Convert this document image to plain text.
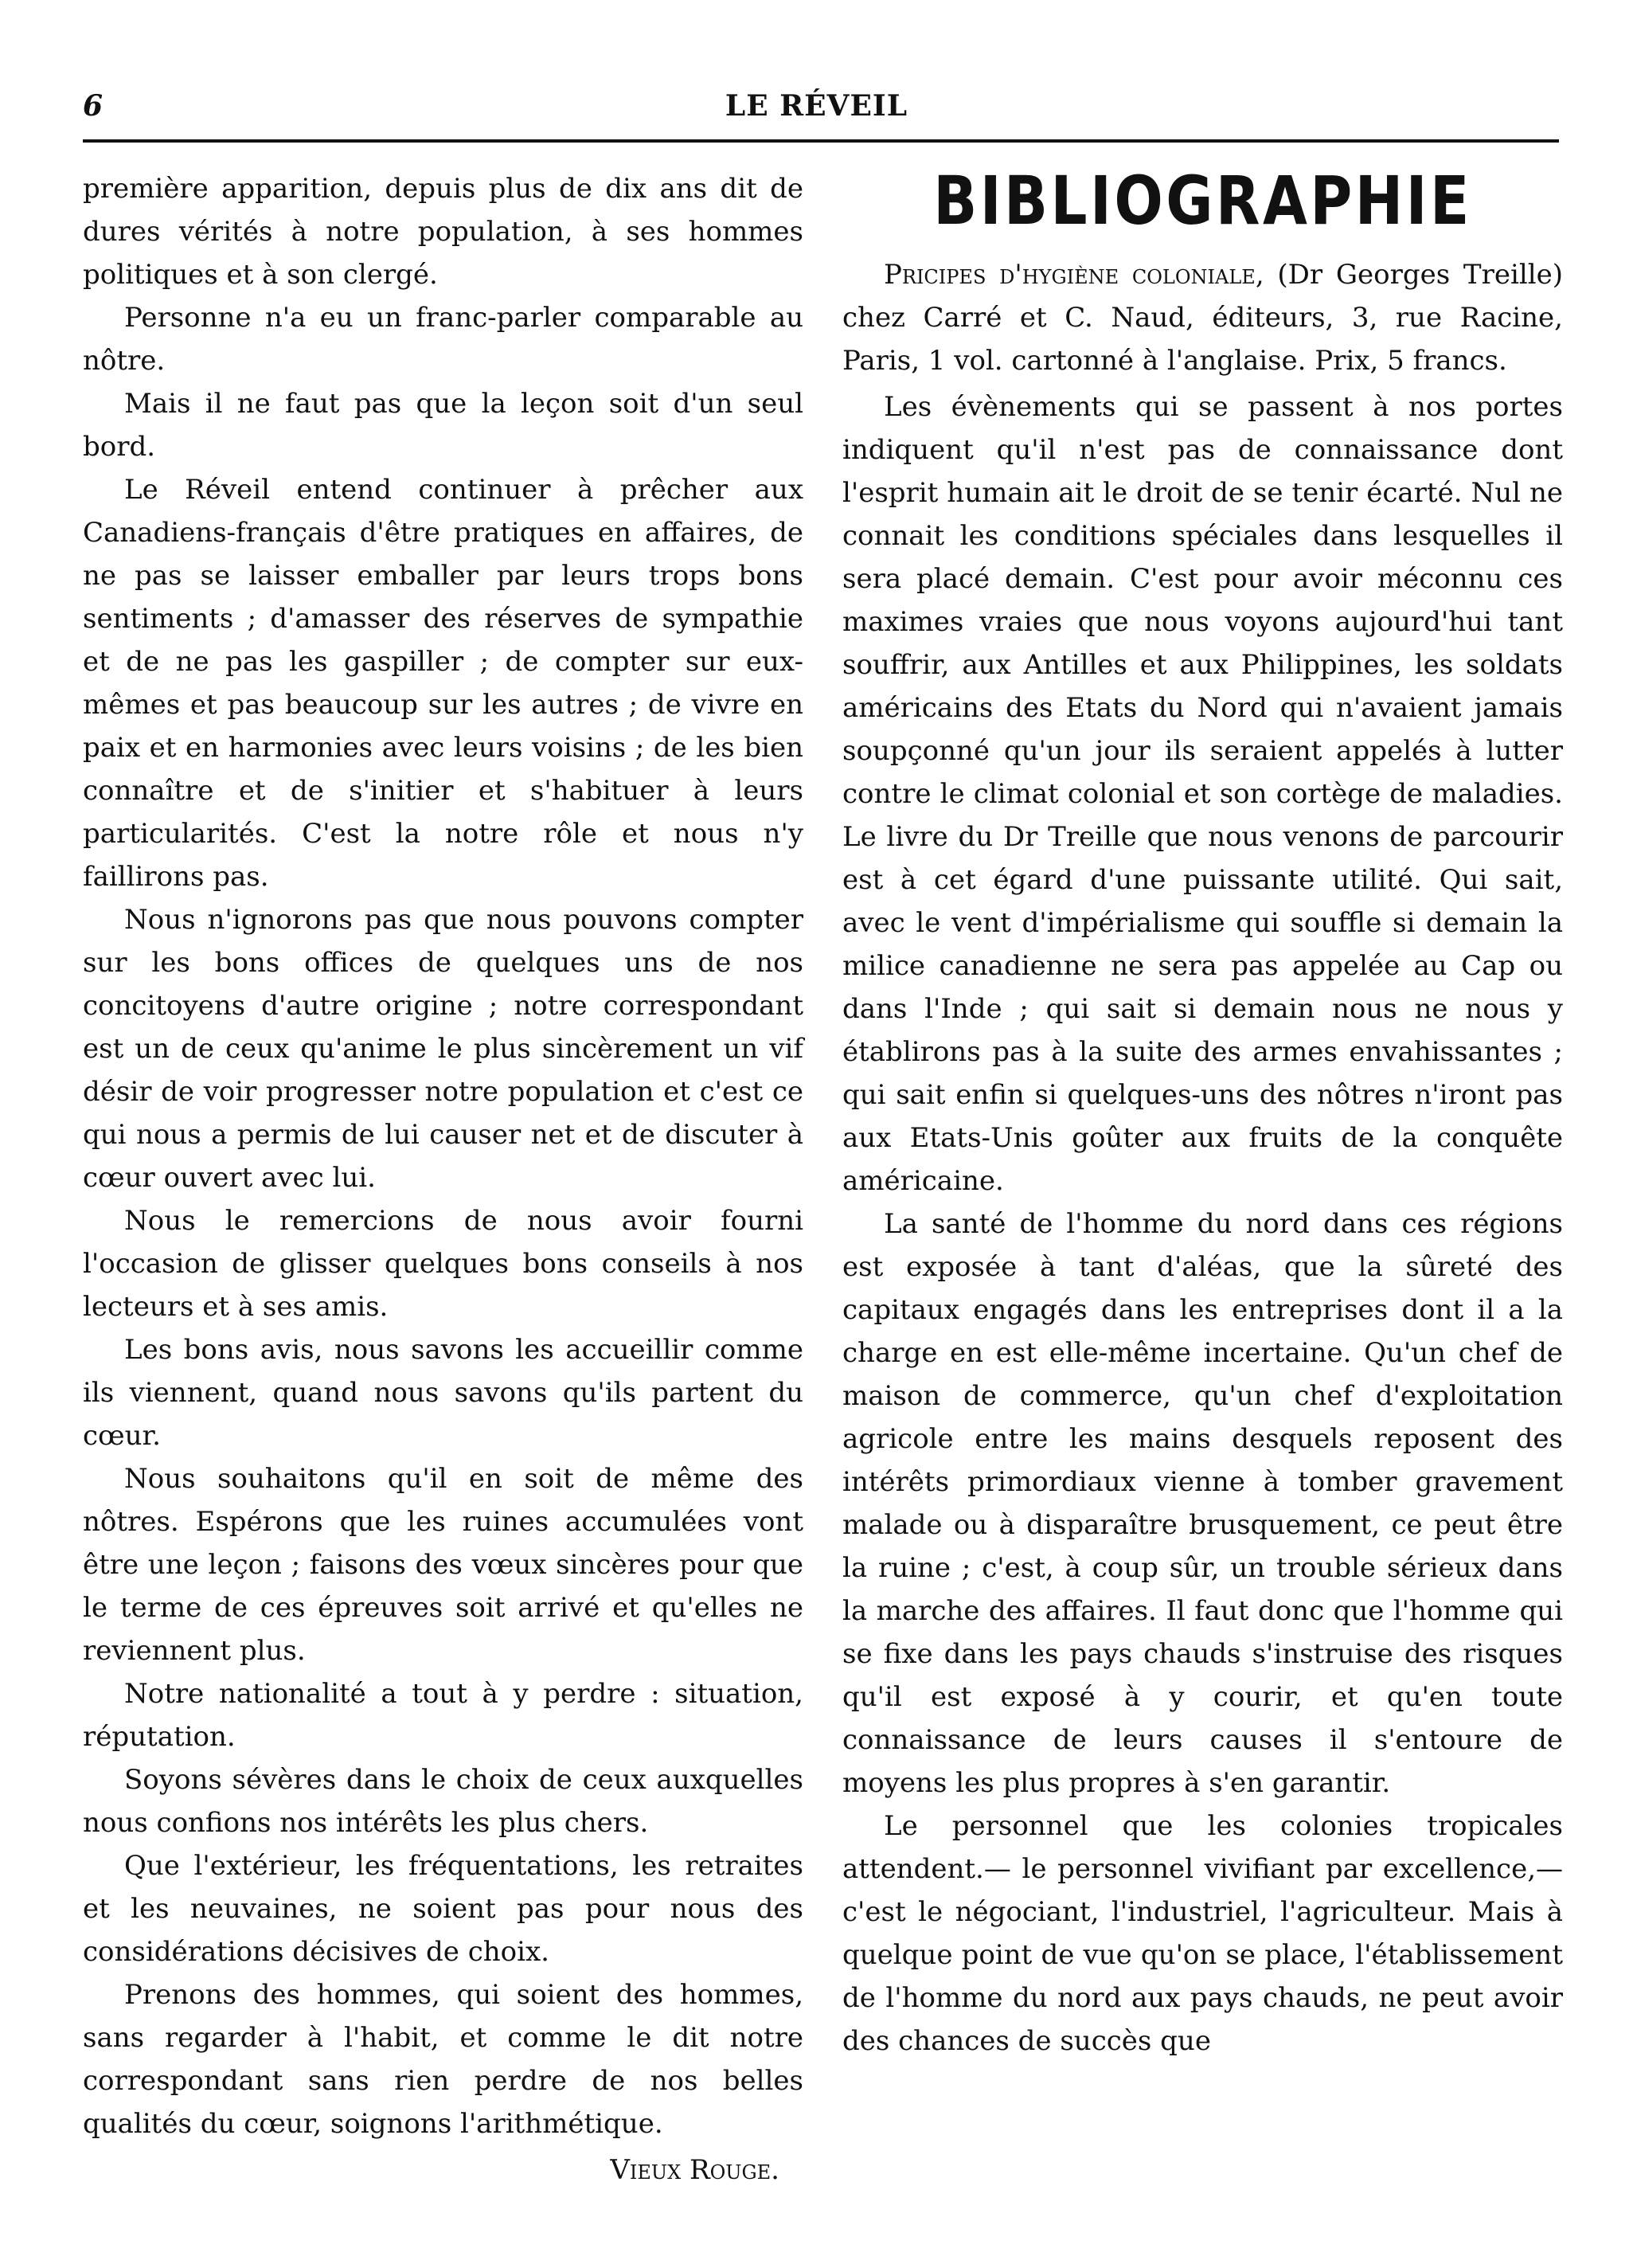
6	LE RÉVEIL

première apparition, depuis plus de dix ans dit de dures vérités à notre population, à ses hommes politiques et à son clergé.

Personne n'a eu un franc-parler comparable au nôtre.

Mais il ne faut pas que la leçon soit d'un seul bord.

Le Réveil entend continuer à prêcher aux Canadiens-français d'être pratiques en affaires, de ne pas se laisser emballer par leurs trops bons sentiments ; d'amasser des réserves de sympathie et de ne pas les gaspiller ; de compter sur eux-mêmes et pas beaucoup sur les autres ; de vivre en paix et en harmonies avec leurs voisins ; de les bien connaître et de s'initier et s'habituer à leurs particularités. C'est la notre rôle et nous n'y faillirons pas.

Nous n'ignorons pas que nous pouvons compter sur les bons offices de quelques uns de nos concitoyens d'autre origine ; notre correspondant est un de ceux qu'anime le plus sincèrement un vif désir de voir progresser notre population et c'est ce qui nous a permis de lui causer net et de discuter à cœur ouvert avec lui.

Nous le remercions de nous avoir fourni l'occasion de glisser quelques bons conseils à nos lecteurs et à ses amis.

Les bons avis, nous savons les accueillir comme ils viennent, quand nous savons qu'ils partent du cœur.

Nous souhaitons qu'il en soit de même des nôtres. Espérons que les ruines accumulées vont être une leçon ; faisons des vœux sincères pour que le terme de ces épreuves soit arrivé et qu'elles ne reviennent plus.

Notre nationalité a tout à y perdre : situation, réputation.

Soyons sévères dans le choix de ceux auxquelles nous confions nos intérêts les plus chers.

Que l'extérieur, les fréquentations, les retraites et les neuvaines, ne soient pas pour nous des considérations décisives de choix.

Prenons des hommes, qui soient des hommes, sans regarder à l'habit, et comme le dit notre correspondant sans rien perdre de nos belles qualités du cœur, soignons l'arithmétique.

Vieux Rouge.
BIBLIOGRAPHIE

Pricipes d'hygiène coloniale, (Dr Georges Treille) chez Carré et C. Naud, éditeurs, 3, rue Racine, Paris, 1 vol. cartonné à l'anglaise. Prix, 5 francs.

Les évènements qui se passent à nos portes indiquent qu'il n'est pas de connaissance dont l'esprit humain ait le droit de se tenir écarté. Nul ne connait les conditions spéciales dans lesquelles il sera placé demain. C'est pour avoir méconnu ces maximes vraies que nous voyons aujourd'hui tant souffrir, aux Antilles et aux Philippines, les soldats américains des Etats du Nord qui n'avaient jamais soupçonné qu'un jour ils seraient appelés à lutter contre le climat colonial et son cortège de maladies. Le livre du Dr Treille que nous venons de parcourir est à cet égard d'une puissante utilité. Qui sait, avec le vent d'impérialisme qui souffle si demain la milice canadienne ne sera pas appelée au Cap ou dans l'Inde ; qui sait si demain nous ne nous y établirons pas à la suite des armes envahissantes ; qui sait enfin si quelques-uns des nôtres n'iront pas aux Etats-Unis goûter aux fruits de la conquête américaine.

La santé de l'homme du nord dans ces régions est exposée à tant d'aléas, que la sûreté des capitaux engagés dans les entreprises dont il a la charge en est elle-même incertaine. Qu'un chef de maison de commerce, qu'un chef d'exploitation agricole entre les mains desquels reposent des intérêts primordiaux vienne à tomber gravement malade ou à disparaître brusquement, ce peut être la ruine ; c'est, à coup sûr, un trouble sérieux dans la marche des affaires. Il faut donc que l'homme qui se fixe dans les pays chauds s'instruise des risques qu'il est exposé à y courir, et qu'en toute connaissance de leurs causes il s'entoure de moyens les plus propres à s'en garantir.

Le personnel que les colonies tropicales attendent.— le personnel vivifiant par excellence,— c'est le négociant, l'industriel, l'agriculteur. Mais à quelque point de vue qu'on se place, l'établissement de l'homme du nord aux pays chauds, ne peut avoir des chances de succès que
